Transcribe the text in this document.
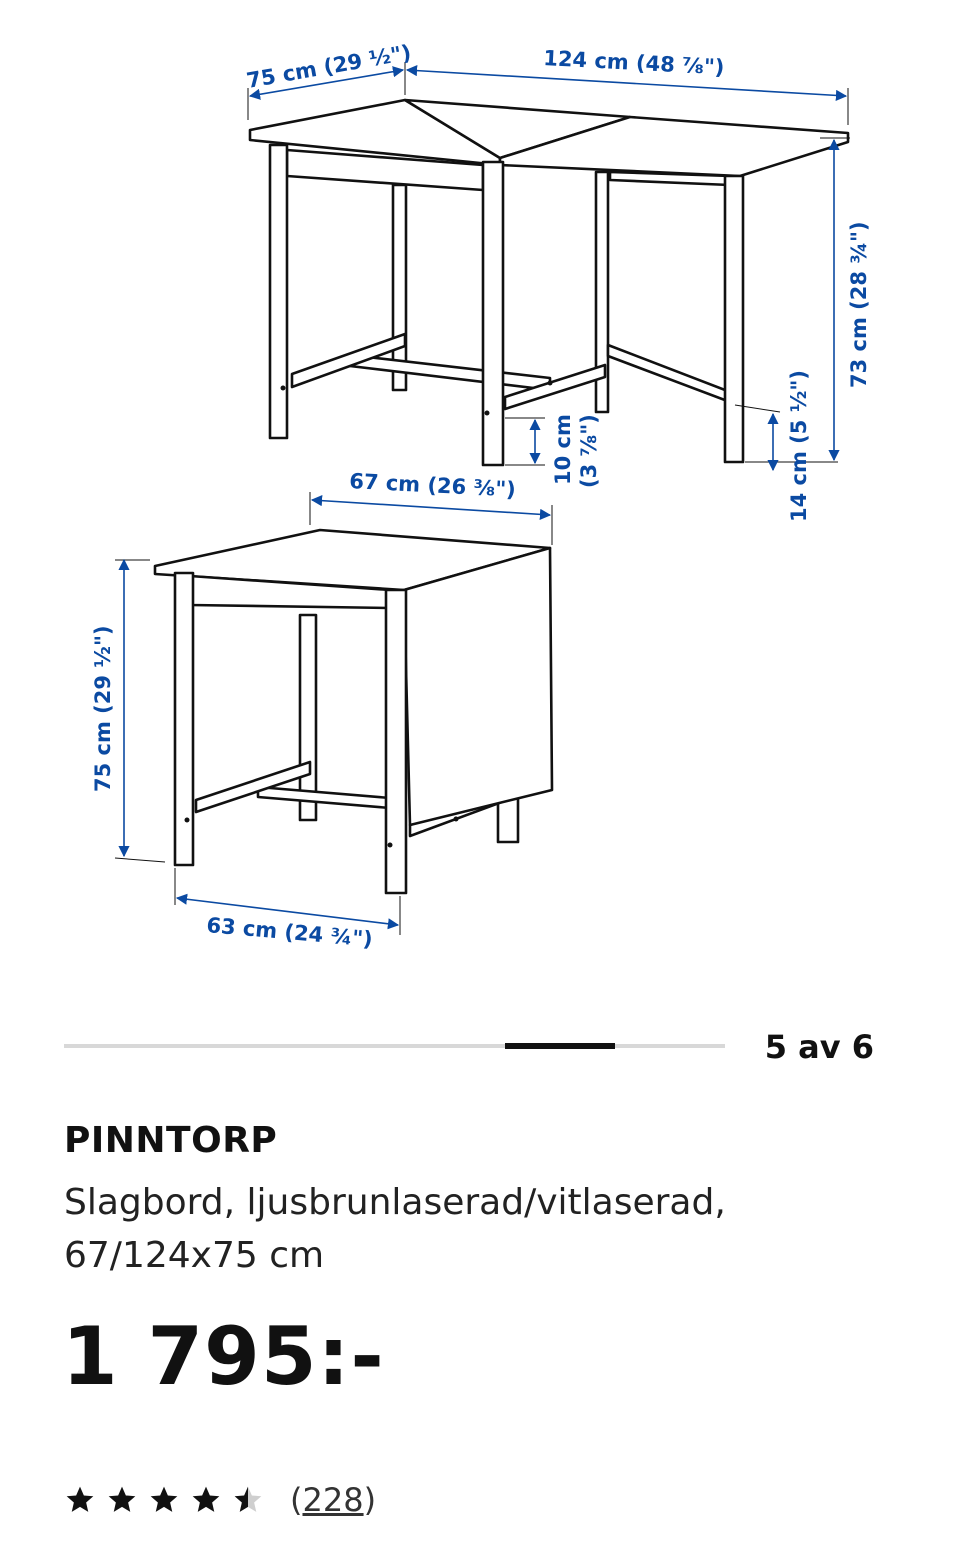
75 cm (29 ½")	124 cm (48 ⅞")
73 cm (28 ¾")
14 cm (5 ½")
10 cm (3 ⅞")
67 cm (26 ⅜")
75 cm (29 ½")
63 cm (24 ¾")
5 av 6
PINNTORP
Slagbord, ljusbrunlaserad/vitlaserad,
67/124x75 cm
1 795:-
(228)
